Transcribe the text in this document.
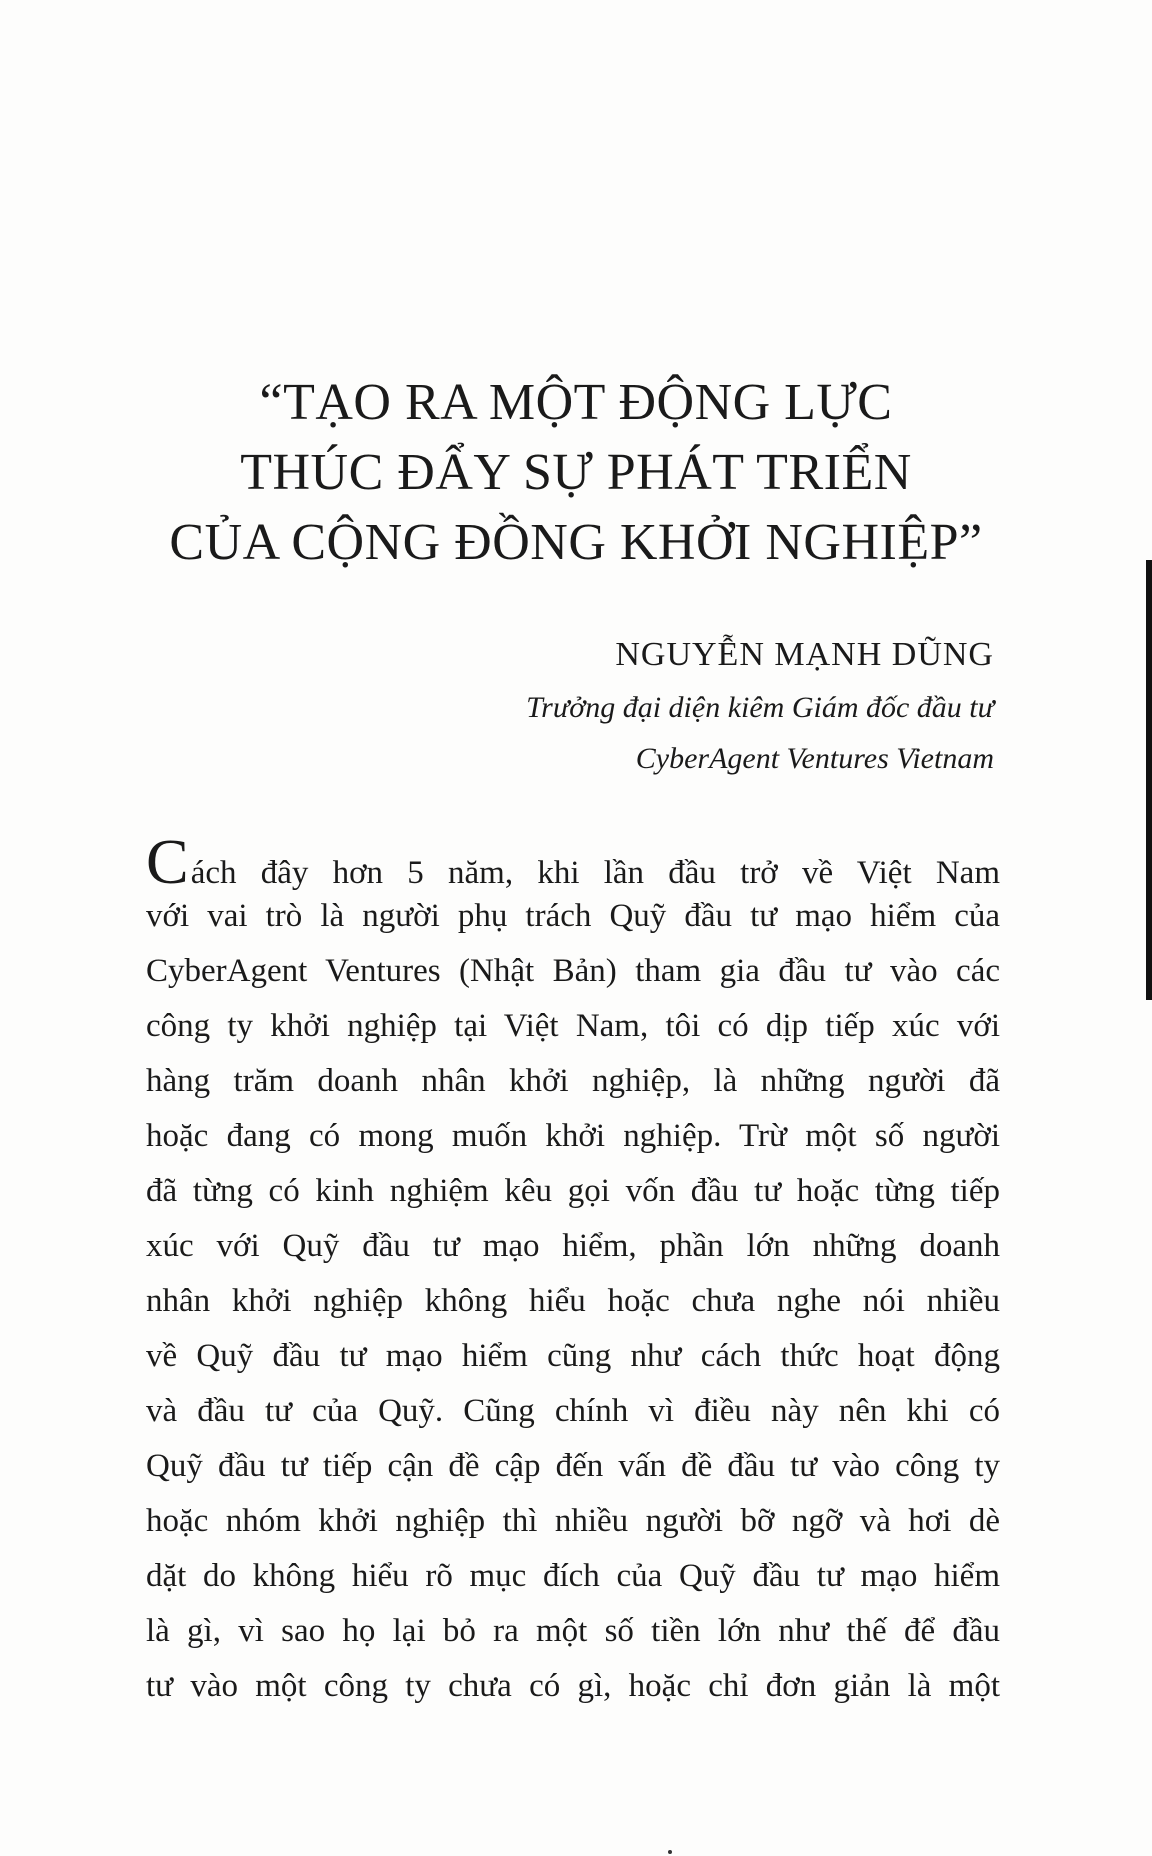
“TẠO RA MỘT ĐỘNG LỰC
THÚC ĐẨY SỰ PHÁT TRIỂN
CỦA CỘNG ĐỒNG KHỞI NGHIỆP”
NGUYỄN MẠNH DŨNG
Trưởng đại diện kiêm Giám đốc đầu tư
CyberAgent Ventures Vietnam
Cách đây hơn 5 năm, khi lần đầu trở về Việt Nam
với vai trò là người phụ trách Quỹ đầu tư mạo hiểm của
CyberAgent Ventures (Nhật Bản) tham gia đầu tư vào các
công ty khởi nghiệp tại Việt Nam, tôi có dịp tiếp xúc với
hàng trăm doanh nhân khởi nghiệp, là những người đã
hoặc đang có mong muốn khởi nghiệp. Trừ một số người
đã từng có kinh nghiệm kêu gọi vốn đầu tư hoặc từng tiếp
xúc với Quỹ đầu tư mạo hiểm, phần lớn những doanh
nhân khởi nghiệp không hiểu hoặc chưa nghe nói nhiều
về Quỹ đầu tư mạo hiểm cũng như cách thức hoạt động
và đầu tư của Quỹ. Cũng chính vì điều này nên khi có
Quỹ đầu tư tiếp cận đề cập đến vấn đề đầu tư vào công ty
hoặc nhóm khởi nghiệp thì nhiều người bỡ ngỡ và hơi dè
dặt do không hiểu rõ mục đích của Quỹ đầu tư mạo hiểm
là gì, vì sao họ lại bỏ ra một số tiền lớn như thế để đầu
tư vào một công ty chưa có gì, hoặc chỉ đơn giản là một
